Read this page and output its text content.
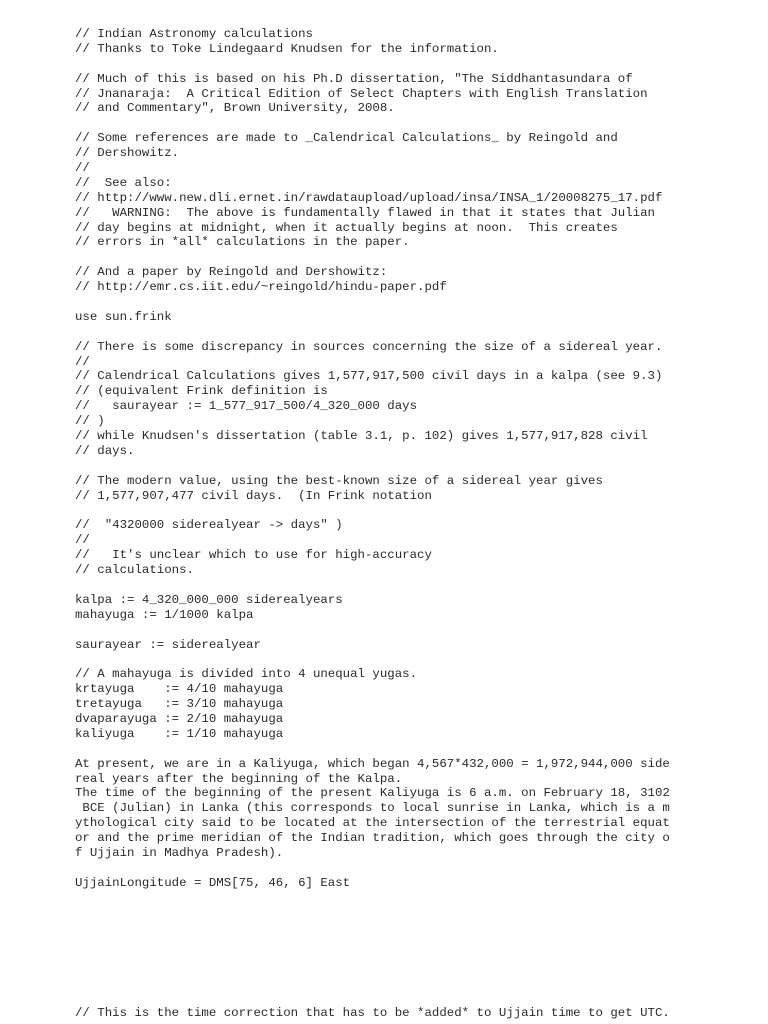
// Indian Astronomy calculations
// Thanks to Toke Lindegaard Knudsen for the information.

// Much of this is based on his Ph.D dissertation, "The Siddhantasundara of
// Jnanaraja:  A Critical Edition of Select Chapters with English Translation
// and Commentary", Brown University, 2008.

// Some references are made to _Calendrical Calculations_ by Reingold and
// Dershowitz.
//
//  See also:
// http://www.new.dli.ernet.in/rawdataupload/upload/insa/INSA_1/20008275_17.pdf
//   WARNING:  The above is fundamentally flawed in that it states that Julian
// day begins at midnight, when it actually begins at noon.  This creates
// errors in *all* calculations in the paper.

// And a paper by Reingold and Dershowitz:
// http://emr.cs.iit.edu/~reingold/hindu-paper.pdf

use sun.frink

// There is some discrepancy in sources concerning the size of a sidereal year.
//
// Calendrical Calculations gives 1,577,917,500 civil days in a kalpa (see 9.3)
// (equivalent Frink definition is
//   saurayear := 1_577_917_500/4_320_000 days
// )
// while Knudsen's dissertation (table 3.1, p. 102) gives 1,577,917,828 civil
// days.

// The modern value, using the best-known size of a sidereal year gives
// 1,577,907,477 civil days.  (In Frink notation

//  "4320000 siderealyear -> days" )
//
//   It's unclear which to use for high-accuracy
// calculations.

kalpa := 4_320_000_000 siderealyears
mahayuga := 1/1000 kalpa

saurayear := siderealyear

// A mahayuga is divided into 4 unequal yugas.
krtayuga    := 4/10 mahayuga
tretayuga   := 3/10 mahayuga
dvaparayuga := 2/10 mahayuga
kaliyuga    := 1/10 mahayuga

At present, we are in a Kaliyuga, which began 4,567*432,000 = 1,972,944,000 side
real years after the beginning of the Kalpa.
The time of the beginning of the present Kaliyuga is 6 a.m. on February 18, 3102
BCE (Julian) in Lanka (this corresponds to local sunrise in Lanka, which is a m
ythological city said to be located at the intersection of the terrestrial equat
or and the prime meridian of the Indian tradition, which goes through the city o
f Ujjain in Madhya Pradesh).

UjjainLongitude = DMS[75, 46, 6] East
// This is the time correction that has to be *added* to Ujjain time to get UTC.
